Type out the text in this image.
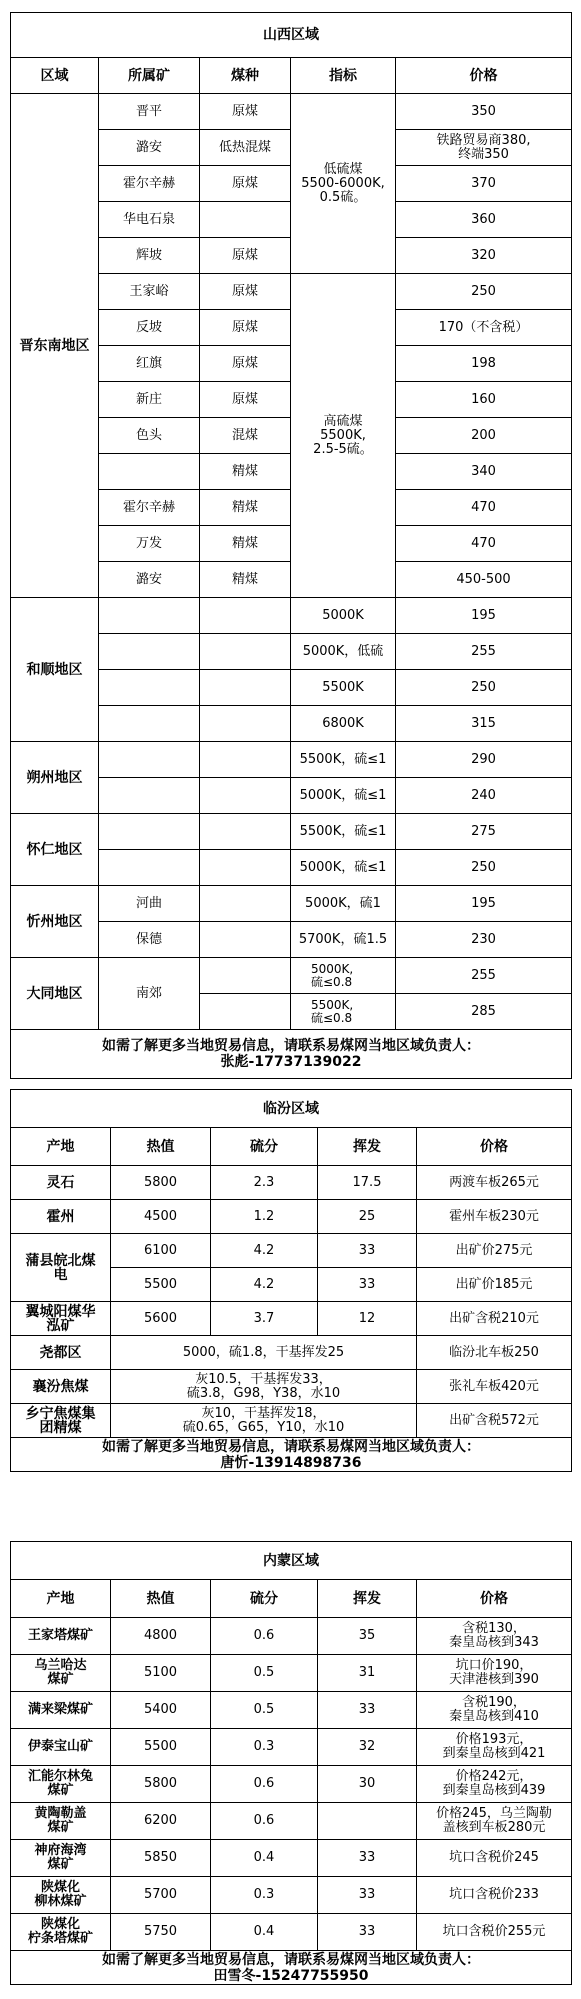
山西区域				
区域	所属矿	煤种	指标	价格
晋东南地区	晋平	原煤	低硫煤
5500-6000K,
0.5硫。	350
	潞安	低热混煤		铁路贸易商380,
终端350
	霍尔辛赫	原煤		370
	华电石泉			360
	辉坡	原煤		320
	王家峪	原煤	高硫煤
5500K,
2.5-5硫。	250
	反坡	原煤		170（不含税）
	红旗	原煤		198
	新庄	原煤		160
	色头	混煤		200
		精煤		340
	霍尔辛赫	精煤		470
	万发	精煤		470
	潞安	精煤		450-500
和顺地区			5000K	195
			5000K，低硫	255
			5500K	250
			6800K	315
朔州地区			5500K，硫≤1	290
			5000K，硫≤1	240
怀仁地区			5500K，硫≤1	275
			5000K，硫≤1	250
忻州地区	河曲		5000K，硫1	195
	保德		5700K，硫1.5	230
大同地区	南郊		5000K,
硫≤0.8	255
			5500K,
硫≤0.8	285
如需了解更多当地贸易信息，请联系易煤网当地区域负责人：
张彪-17737139022				
临汾区域				
产地	热值	硫分	挥发	价格
灵石	5800	2.3	17.5	两渡车板265元
霍州	4500	1.2	25	霍州车板230元
蒲县皖北煤
电	6100	4.2	33	出矿价275元
	5500	4.2	33	出矿价185元
翼城阳煤华
泓矿	5600	3.7	12	出矿含税210元
尧都区	5000，硫1.8，干基挥发25			临汾北车板250
襄汾焦煤	灰10.5，干基挥发33，
硫3.8，G98，Y38，水10			张礼车板420元
乡宁焦煤集
团精煤	灰10，干基挥发18，
硫0.65，G65，Y10，水10			出矿含税572元
如需了解更多当地贸易信息，请联系易煤网当地区域负责人：
唐忻-13914898736				
内蒙区域				
产地	热值	硫分	挥发	价格
王家塔煤矿	4800	0.6	35	含税130，
秦皇岛核到343
乌兰哈达
煤矿	5100	0.5	31	坑口价190，
天津港核到390
满来梁煤矿	5400	0.5	33	含税190，
秦皇岛核到410
伊泰宝山矿	5500	0.3	32	价格193元，
到秦皇岛核到421
汇能尔林兔
煤矿	5800	0.6	30	价格242元，
到秦皇岛核到439
黄陶勒盖
煤矿	6200	0.6		价格245，乌兰陶勒
盖核到车板280元
神府海湾
煤矿	5850	0.4	33	坑口含税价245
陕煤化
柳林煤矿	5700	0.3	33	坑口含税价233
陕煤化
柠条塔煤矿	5750	0.4	33	坑口含税价255元
如需了解更多当地贸易信息，请联系易煤网当地区域负责人：
田雪冬-15247755950				
